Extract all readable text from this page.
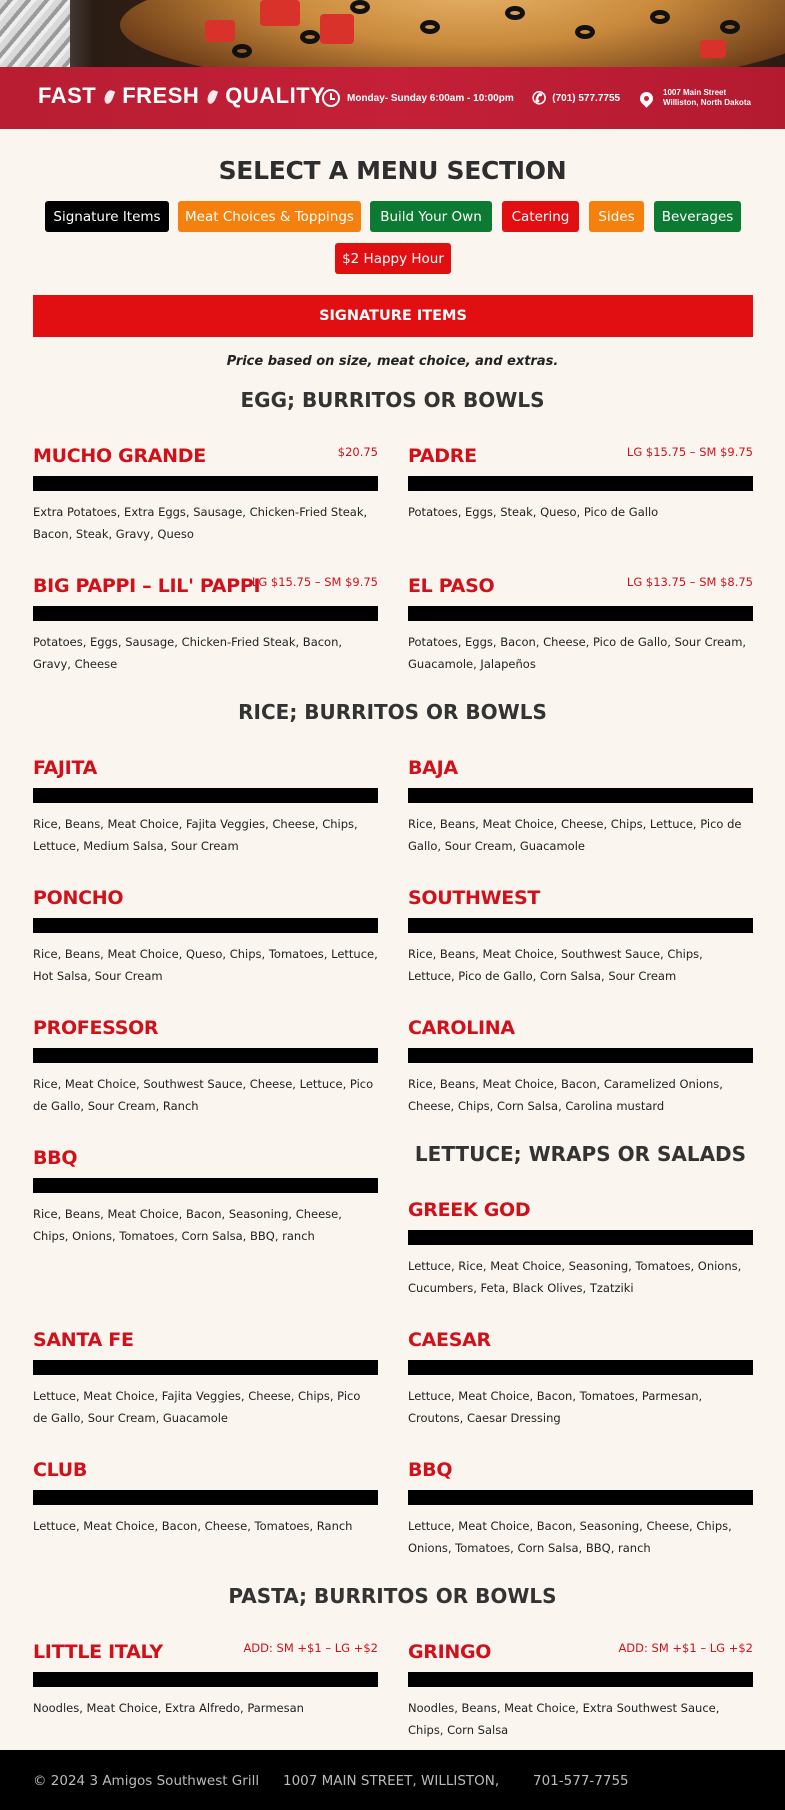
FAST FRESH QUALITY Monday- Sunday 6:00am - 10:00pm ✆ (701) 577.7755	1007 Main Street
Williston, North Dakota
SELECT A MENU SECTION
Signature Items	Meat Choices & Toppings	Build Your Own	Catering	Sides	Beverages
$2 Happy Hour
SIGNATURE ITEMS
Price based on size, meat choice, and extras.
EGG; BURRITOS OR BOWLS
RICE; BURRITOS OR BOWLS
LETTUCE; WRAPS OR SALADS
PASTA; BURRITOS OR BOWLS
MUCHO GRANDE	$20.75
Extra Potatoes, Extra Eggs, Sausage, Chicken-Fried Steak, Bacon, Steak, Gravy, Queso
PADRE	LG $15.75 – SM $9.75
Potatoes, Eggs, Steak, Queso, Pico de Gallo
BIG PAPPI – LIL' PAPPI
LG $15.75 – SM $9.75
Potatoes, Eggs, Sausage, Chicken-Fried Steak, Bacon, Gravy, Cheese
EL PASO	LG $13.75 – SM $8.75
Potatoes, Eggs, Bacon, Cheese, Pico de Gallo, Sour Cream, Guacamole, Jalapeños
FAJITA
Rice, Beans, Meat Choice, Fajita Veggies, Cheese, Chips, Lettuce, Medium Salsa, Sour Cream
BAJA
Rice, Beans, Meat Choice, Cheese, Chips, Lettuce, Pico de Gallo, Sour Cream, Guacamole
PONCHO
Rice, Beans, Meat Choice, Queso, Chips, Tomatoes, Lettuce, Hot Salsa, Sour Cream
SOUTHWEST
Rice, Beans, Meat Choice, Southwest Sauce, Chips, Lettuce, Pico de Gallo, Corn Salsa, Sour Cream
PROFESSOR
Rice, Meat Choice, Southwest Sauce, Cheese, Lettuce, Pico de Gallo, Sour Cream, Ranch
CAROLINA
Rice, Beans, Meat Choice, Bacon, Caramelized Onions, Cheese, Chips, Corn Salsa, Carolina mustard
BBQ
Rice, Beans, Meat Choice, Bacon, Seasoning, Cheese, Chips, Onions, Tomatoes, Corn Salsa, BBQ, ranch
GREEK GOD
Lettuce, Rice, Meat Choice, Seasoning, Tomatoes, Onions, Cucumbers, Feta, Black Olives, Tzatziki
SANTA FE
Lettuce, Meat Choice, Fajita Veggies, Cheese, Chips, Pico de Gallo, Sour Cream, Guacamole
CAESAR
Lettuce, Meat Choice, Bacon, Tomatoes, Parmesan, Croutons, Caesar Dressing
CLUB
Lettuce, Meat Choice, Bacon, Cheese, Tomatoes, Ranch
BBQ
Lettuce, Meat Choice, Bacon, Seasoning, Cheese, Chips, Onions, Tomatoes, Corn Salsa, BBQ, ranch
LITTLE ITALY	ADD: SM +$1 – LG +$2
Noodles, Meat Choice, Extra Alfredo, Parmesan
GRINGO	ADD: SM +$1 – LG +$2
Noodles, Beans, Meat Choice, Extra Southwest Sauce, Chips, Corn Salsa
© 2024 3 Amigos Southwest Grill 1007 MAIN STREET, WILLISTON,	701-577-7755
